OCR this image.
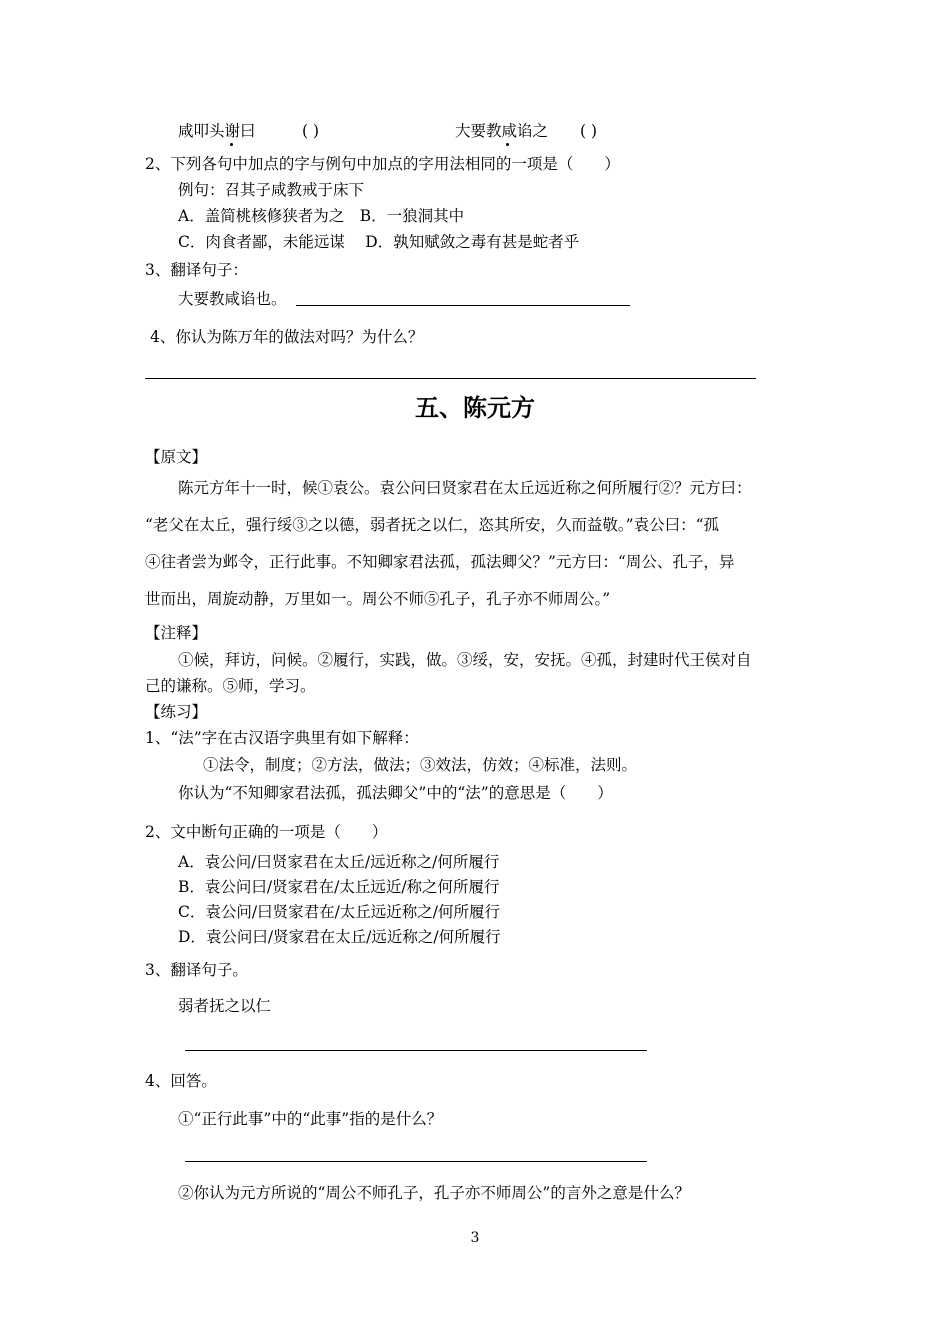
咸叩头谢曰	( )	大要教咸谄之 ( )
2、下列各句中加点的字与例句中加点的字用法相同的一项是（　　）
例句：召其子咸教戒于床下
A．盖简桃核修狭者为之　B．一狼洞其中
C．肉食者鄙，未能远谋　 D．孰知赋敛之毒有甚是蛇者乎
3、翻译句子：
大要教咸谄也。
4、你认为陈万年的做法对吗？为什么？
五、陈元方
【原文】
陈元方年十一时，候①袁公。袁公问曰贤家君在太丘远近称之何所履行②？元方曰：
“老父在太丘，强行绥③之以德，弱者抚之以仁，恣其所安，久而益敬。”袁公曰：“孤
④往者尝为邺令，正行此事。不知卿家君法孤，孤法卿父？”元方曰：“周公、孔子，异
世而出，周旋动静，万里如一。周公不师⑤孔子，孔子亦不师周公。”
【注释】
①候，拜访，问候。②履行，实践，做。③绥，安，安抚。④孤，封建时代王侯对自
己的谦称。⑤师，学习。
【练习】
1、“法”字在古汉语字典里有如下解释：
①法令，制度；②方法，做法；③效法，仿效；④标准，法则。
你认为“不知卿家君法孤，孤法卿父”中的“法”的意思是（　　）
2、文中断句正确的一项是（　　）
A．袁公问/曰贤家君在太丘/远近称之/何所履行
B．袁公问曰/贤家君在/太丘远近/称之何所履行
C．袁公问/曰贤家君在/太丘远近称之/何所履行
D．袁公问曰/贤家君在太丘/远近称之/何所履行
3、翻译句子。
弱者抚之以仁
4、回答。
①“正行此事”中的“此事”指的是什么？
②你认为元方所说的“周公不师孔子，孔子亦不师周公”的言外之意是什么？
3
